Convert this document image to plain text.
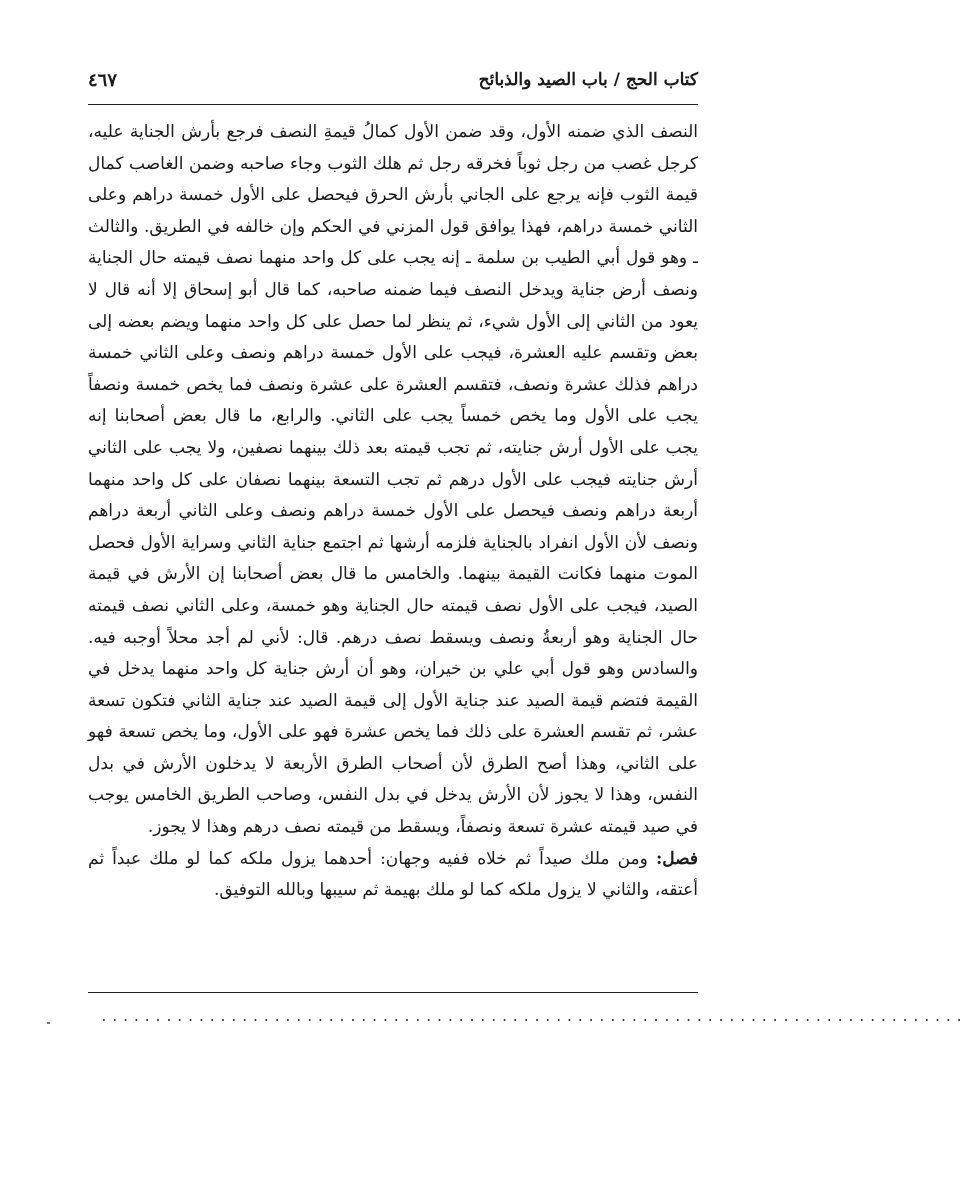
كتاب الحج / باب الصيد والذبائح
٤٦٧

النصف الذي ضمنه الأول، وقد ضمن الأول كمالُ قيمةِ النصف فرجع بأرش الجناية عليه، كرجل غصب من رجل ثوباً فخرقه رجل ثم هلك الثوب وجاء صاحبه وضمن الغاصب كمال قيمة الثوب فإنه يرجع على الجاني بأرش الحرق فيحصل على الأول خمسة دراهم وعلى الثاني خمسة دراهم، فهذا يوافق قول المزني في الحكم وإن خالفه في الطريق. والثالث ـ وهو قول أبي الطيب بن سلمة ـ إنه يجب على كل واحد منهما نصف قيمته حال الجناية ونصف أرض جناية ويدخل النصف فيما ضمنه صاحبه، كما قال أبو إسحاق إلا أنه قال لا يعود من الثاني إلى الأول شيء، ثم ينظر لما حصل على كل واحد منهما ويضم بعضه إلى بعض وتقسم عليه العشرة، فيجب على الأول خمسة دراهم ونصف وعلى الثاني خمسة دراهم فذلك عشرة ونصف، فتقسم العشرة على عشرة ونصف فما يخص خمسة ونصفاً يجب على الأول وما يخص خمساً يجب على الثاني. والرابع، ما قال بعض أصحابنا إنه يجب على الأول أرش جنايته، ثم تجب قيمته بعد ذلك بينهما نصفين، ولا يجب على الثاني أرش جنايته فيجب على الأول درهم ثم تجب التسعة بينهما نصفان على كل واحد منهما أربعة دراهم ونصف فيحصل على الأول خمسة دراهم ونصف وعلى الثاني أربعة دراهم ونصف لأن الأول انفراد بالجناية فلزمه أرشها ثم اجتمع جناية الثاني وسراية الأول فحصل الموت منهما فكانت القيمة بينهما. والخامس ما قال بعض أصحابنا إن الأرش في قيمة الصيد، فيجب على الأول نصف قيمته حال الجناية وهو خمسة، وعلى الثاني نصف قيمته حال الجناية وهو أربعةُ ونصف ويسقط نصف درهم. قال: لأني لم أجد محلاً أوجبه فيه. والسادس وهو قول أبي علي بن خيران، وهو أن أرش جناية كل واحد منهما يدخل في القيمة فتضم قيمة الصيد عند جناية الأول إلى قيمة الصيد عند جناية الثاني فتكون تسعة عشر، ثم تقسم العشرة على ذلك فما يخص عشرة فهو على الأول، وما يخص تسعة فهو على الثاني، وهذا أصح الطرق لأن أصحاب الطرق الأربعة لا يدخلون الأرش في بدل النفس، وهذا لا يجوز لأن الأرش يدخل في بدل النفس، وصاحب الطريق الخامس يوجب في صيد قيمته عشرة تسعة ونصفاً، ويسقط من قيمته نصف درهم وهذا لا يجوز.

فصل: ومن ملك صيداً ثم خلاه ففيه وجهان: أحدهما يزول ملكه كما لو ملك عبداً ثم أعتقه، والثاني لا يزول ملكه كما لو ملك بهيمة ثم سيبها وبالله التوفيق.

................................................................................
